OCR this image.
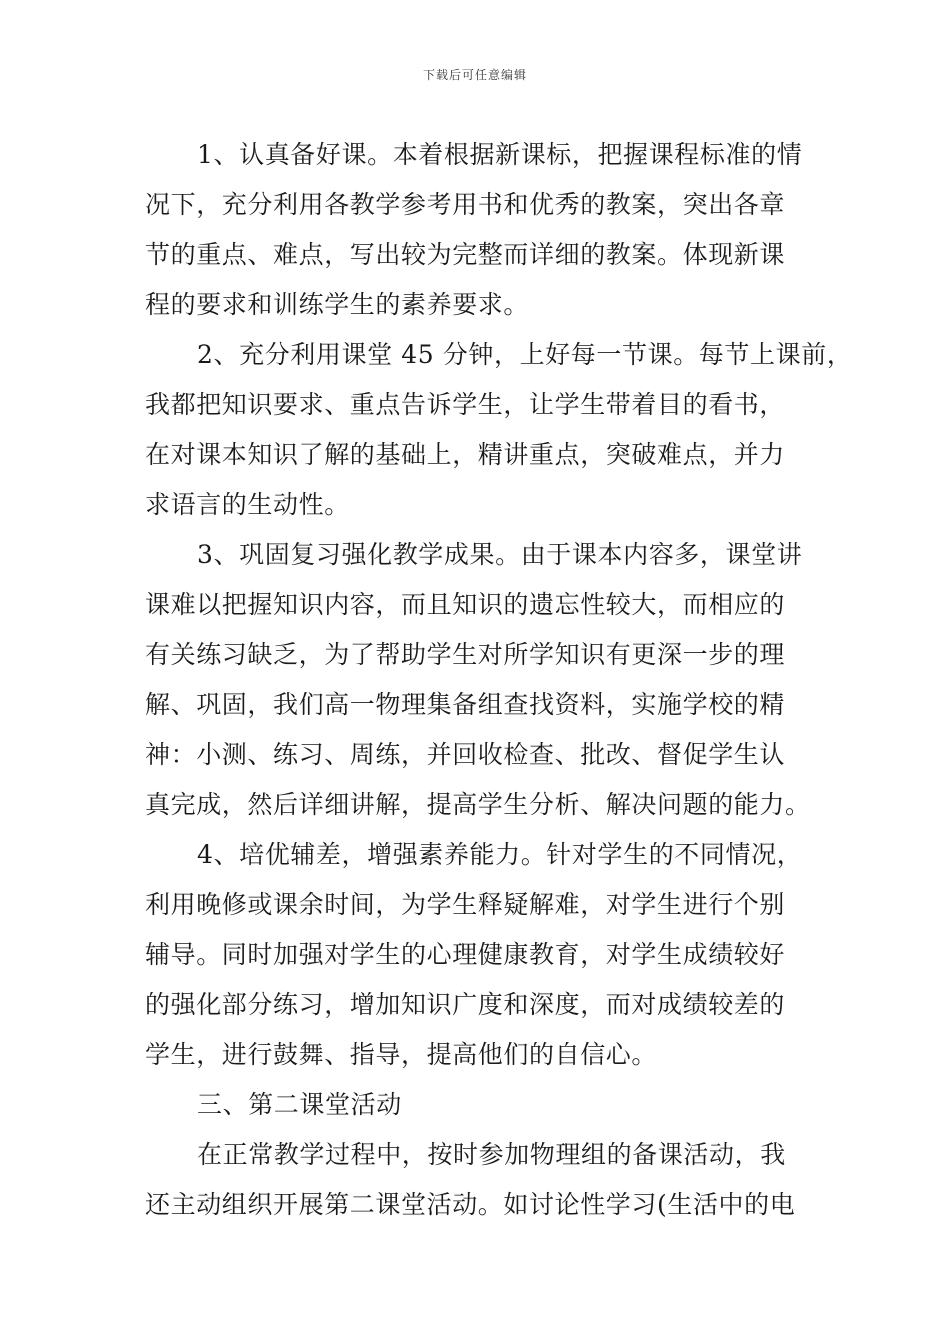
下载后可任意编辑
1、认真备好课。本着根据新课标，把握课程标准的情
况下，充分利用各教学参考用书和优秀的教案，突出各章
节的重点、难点，写出较为完整而详细的教案。体现新课
程的要求和训练学生的素养要求。
2、充分利用课堂 45 分钟，上好每一节课。每节上课前，
我都把知识要求、重点告诉学生，让学生带着目的看书，
在对课本知识了解的基础上，精讲重点，突破难点，并力
求语言的生动性。
3、巩固复习强化教学成果。由于课本内容多，课堂讲
课难以把握知识内容，而且知识的遗忘性较大，而相应的
有关练习缺乏，为了帮助学生对所学知识有更深一步的理
解、巩固，我们高一物理集备组查找资料，实施学校的精
神：小测、练习、周练，并回收检查、批改、督促学生认
真完成，然后详细讲解，提高学生分析、解决问题的能力。
4、培优辅差，增强素养能力。针对学生的不同情况，
利用晚修或课余时间，为学生释疑解难，对学生进行个别
辅导。同时加强对学生的心理健康教育，对学生成绩较好
的强化部分练习，增加知识广度和深度，而对成绩较差的
学生，进行鼓舞、指导，提高他们的自信心。
三、第二课堂活动
在正常教学过程中，按时参加物理组的备课活动，我
还主动组织开展第二课堂活动。如讨论性学习(生活中的电
